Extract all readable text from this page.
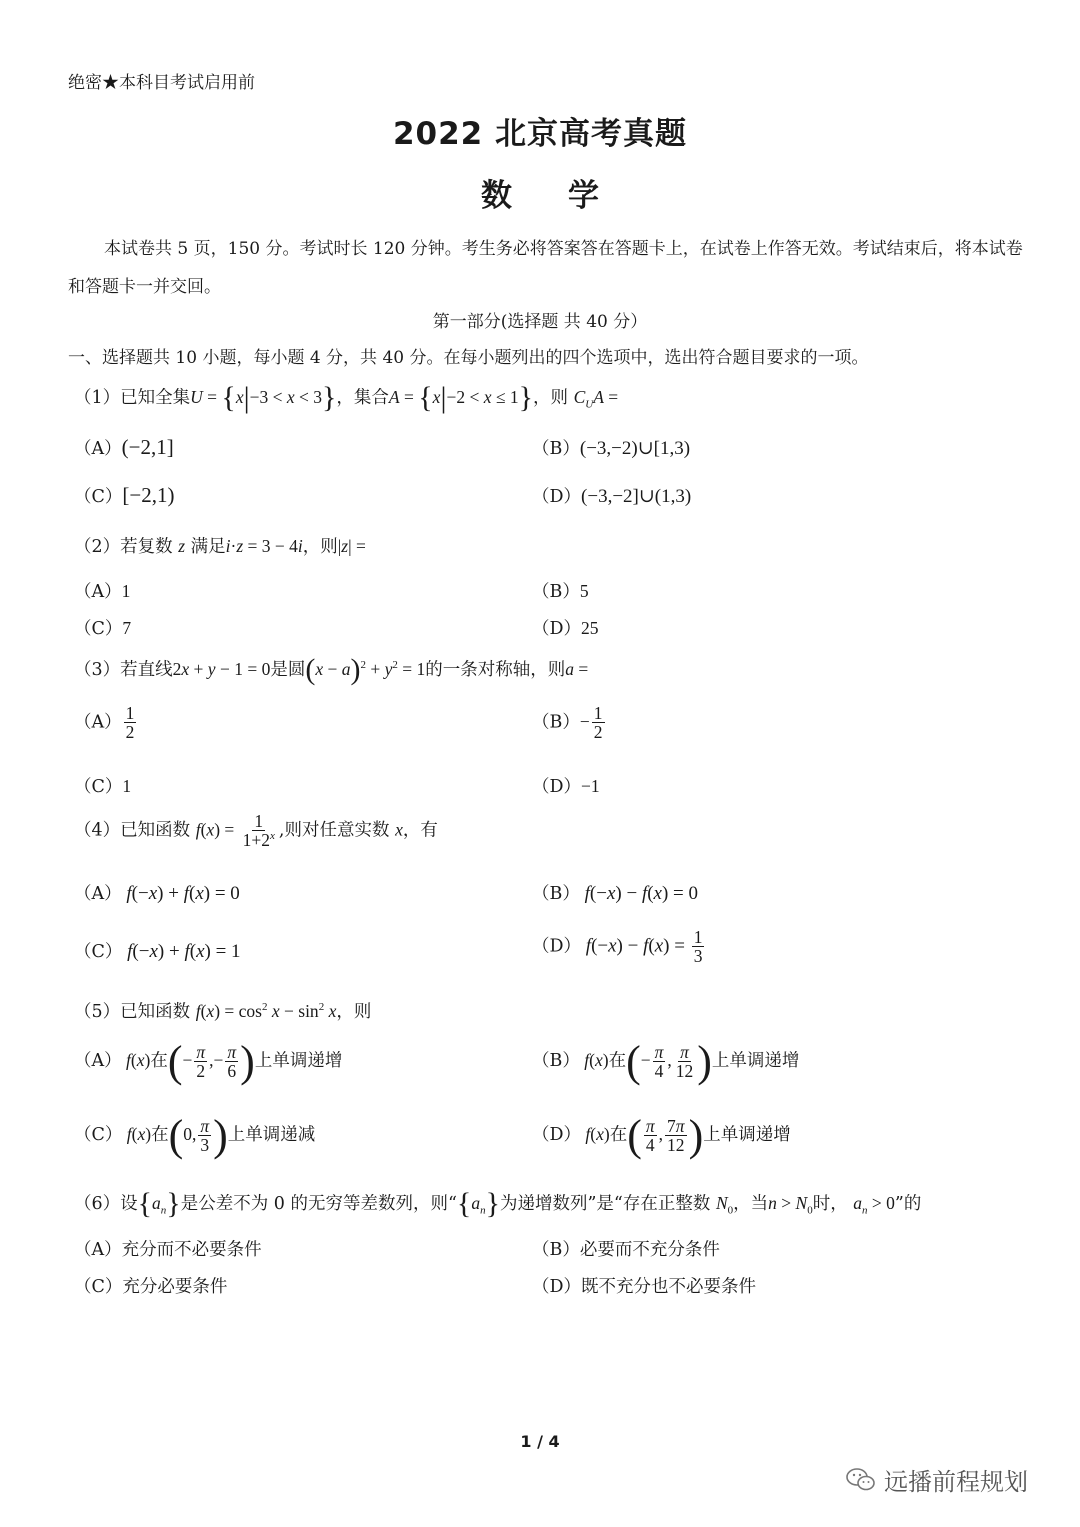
绝密★本科目考试启用前
2022 北京高考真题
数学
本试卷共 5 页，150 分。考试时长 120 分钟。考生务必将答案答在答题卡上，在试卷上作答无效。考试结束后，将本试卷和答题卡一并交回。
第一部分(选择题 共 40 分）
一、选择题共 10 小题，每小题 4 分，共 40 分。在每小题列出的四个选项中，选出符合题目要求的一项。
（1）已知全集U = {x|−3 < x < 3}，集合A = {x|−2 < x ≤ 1}，则 $C_UA$ =
（A）(−2,1]	（B）(−3,−2)∪[1,3)
（C）[−2,1)	（D）(−3,−2]∪(1,3)
（2）若复数 z 满足i·z = 3 − 4i，则|z| =
（A）1	（B）5
（C）7	（D）25
（3）若直线2x + y − 1 = 0是圆$(x - a)^2 + y^2 = 1$的一条对称轴，则a =
$(A) \frac{1}{2}$	$(B)- \frac{1}{2}$
（C）1	（D）−1
（4）已知函数 $f(x) = \frac{1}{1+2^x}$ ,则对任意实数 x，有
（A） f(−x) + f(x) = 0	（B） f(−x) − f(x) = 0
（C） f(−x) + f(x) = 1	（D） $f(-x) - f(x) = \frac{1}{3}$
（5）已知函数 $f(x) = \cos^2 x - \sin^2 x$，则
（A） f(x)在(− $\frac{\pi}{2}$ ,− $\frac{\pi}{6}$ )上单调递增	（B） f(x)在(− $\frac{\pi}{4}$ , $\frac{\pi}{12}$ )上单调递增
（C） f(x)在(0, $\frac{\pi}{3}$ )上单调递减	（D） f(x)在( $\frac{\pi}{4}$ , $\frac{7\pi}{12}$ )上单调递增
（6）设$\{a_n\}$是公差不为 0 的无穷等差数列，则“$\{a_n\}$为递增数列”是“存在正整数 $N_0$，当$n > N_0$时， $a_n > 0$”的
（A）充分而不必要条件	（B）必要而不充分条件
（C）充分必要条件	（D）既不充分也不必要条件
1 / 4
远播前程规划
